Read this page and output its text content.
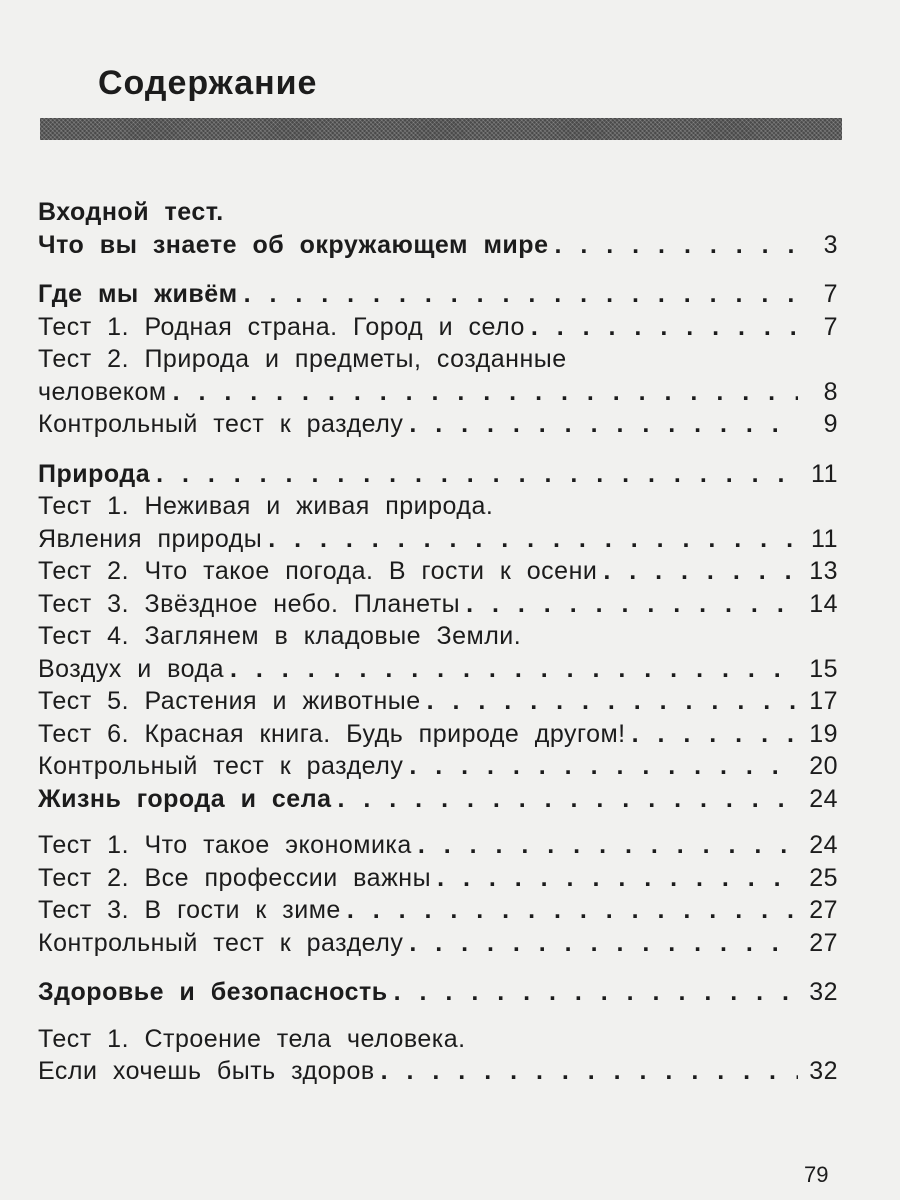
Содержание
Входной тест.
Что вы знаете об окружающем мире . . .	3
Где мы живём . . .	7
Тест 1. Родная страна. Город и село . . .	7
Тест 2. Природа и предметы, созданные
человеком . . .	8
Контрольный тест к разделу . . .	9
Природа . . .	11
Тест 1. Неживая и живая природа.
Явления природы . . .	11
Тест 2. Что такое погода. В гости к осени . . .	13
Тест 3. Звёздное небо. Планеты . . .	14
Тест 4. Заглянем в кладовые Земли.
Воздух и вода . . .	15
Тест 5. Растения и животные . . .	17
Тест 6. Красная книга. Будь природе другом! . . .	19
Контрольный тест к разделу . . .	20
Жизнь города и села . . .	24
Тест 1. Что такое экономика . . .	24
Тест 2. Все профессии важны . . .	25
Тест 3. В гости к зиме . . .	27
Контрольный тест к разделу . . .	27
Здоровье и безопасность . . .	32
Тест 1. Строение тела человека.
Если хочешь быть здоров . . .	32
79
